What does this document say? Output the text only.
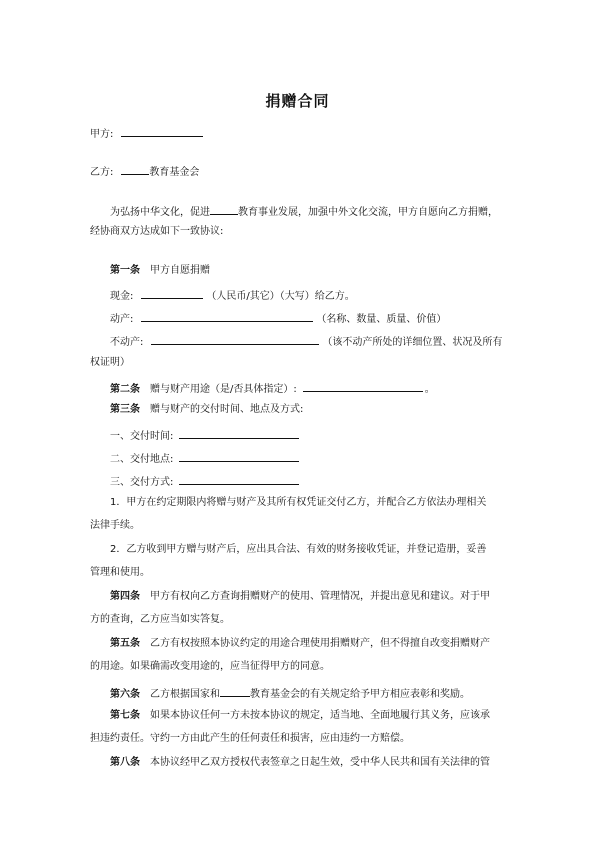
捐赠合同
甲方:
乙方:	教育基金会
为弘扬中华文化，促进	教育事业发展，加强中外文化交流，甲方自愿向乙方捐赠，
经协商双方达成如下一致协议:
第一条 甲方自愿捐赠
现金:	（人民币/其它）（大写）给乙方。
动产:	（名称、数量、质量、价值）
不动产:	（该不动产所处的详细位置、状况及所有
权证明）
第二条 赠与财产用途（是/否具体指定）:	。
第三条 赠与财产的交付时间、地点及方式:
一、交付时间:
二、交付地点:
三、交付方式:
1．甲方在约定期限内将赠与财产及其所有权凭证交付乙方，并配合乙方依法办理相关
法律手续。
2．乙方收到甲方赠与财产后，应出具合法、有效的财务接收凭证，并登记造册，妥善
管理和使用。
第四条 甲方有权向乙方查询捐赠财产的使用、管理情况，并提出意见和建议。对于甲
方的查询，乙方应当如实答复。
第五条 乙方有权按照本协议约定的用途合理使用捐赠财产，但不得擅自改变捐赠财产
的用途。如果确需改变用途的，应当征得甲方的同意。
第六条 乙方根据国家和	教育基金会的有关规定给予甲方相应表彰和奖励。
第七条 如果本协议任何一方未按本协议的规定，适当地、全面地履行其义务，应该承
担违约责任。守约一方由此产生的任何责任和损害，应由违约一方赔偿。
第八条 本协议经甲乙双方授权代表签章之日起生效，受中华人民共和国有关法律的管
